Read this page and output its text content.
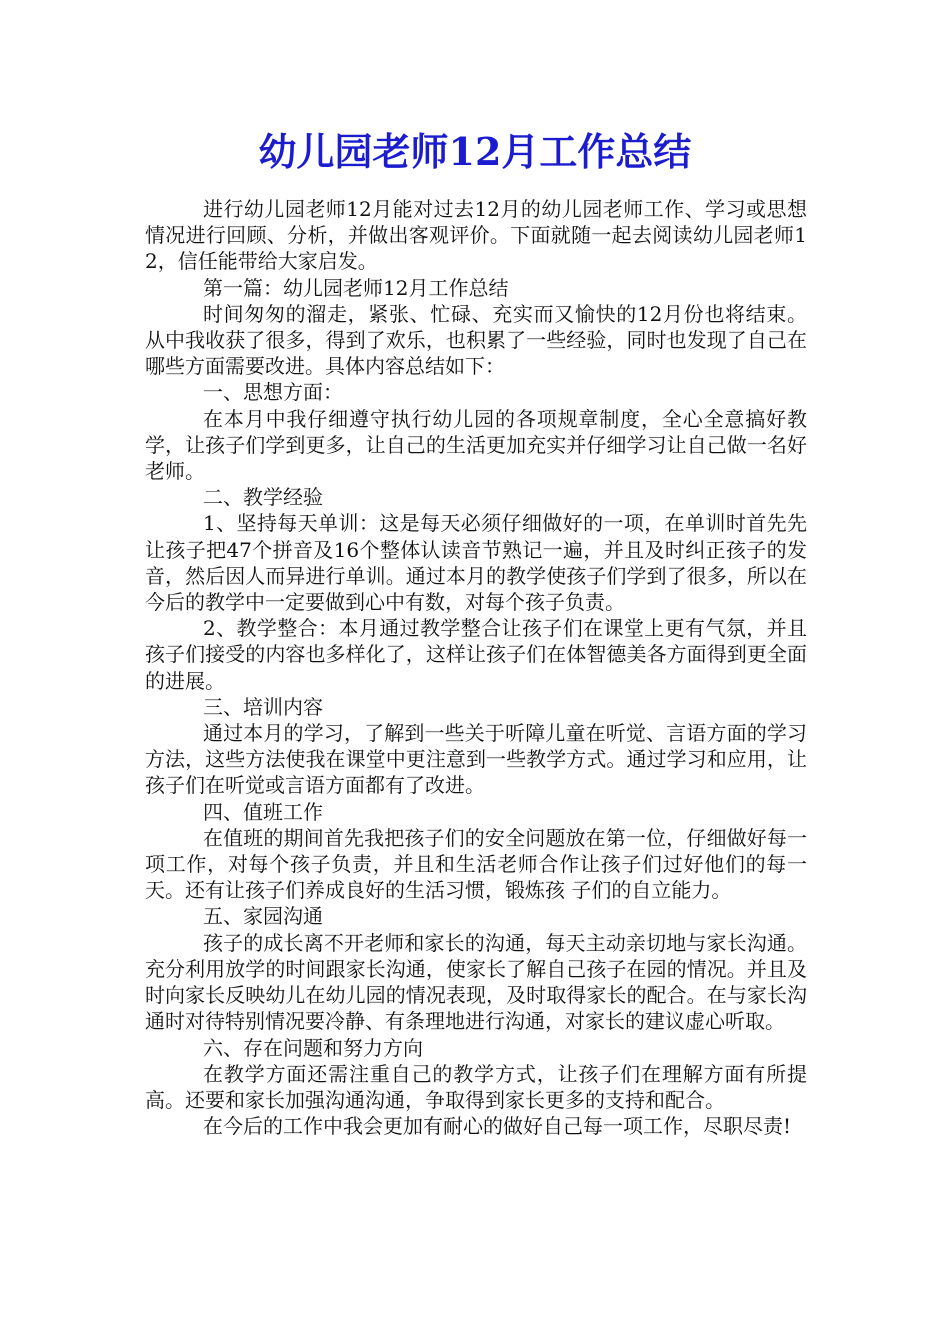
幼儿园老师12月工作总结

进行幼儿园老师12月能对过去12月的幼儿园老师工作、学习或思想情况进行回顾、分析，并做出客观评价。下面就随一起去阅读幼儿园老师12，信任能带给大家启发。

第一篇：幼儿园老师12月工作总结

时间匆匆的溜走，紧张、忙碌、充实而又愉快的12月份也将结束。从中我收获了很多，得到了欢乐，也积累了一些经验，同时也发现了自己在哪些方面需要改进。具体内容总结如下：

一、思想方面：

在本月中我仔细遵守执行幼儿园的各项规章制度，全心全意搞好教学，让孩子们学到更多，让自己的生活更加充实并仔细学习让自己做一名好老师。

二、教学经验

1、坚持每天单训：这是每天必须仔细做好的一项，在单训时首先先让孩子把47个拼音及16个整体认读音节熟记一遍，并且及时纠正孩子的发音，然后因人而异进行单训。通过本月的教学使孩子们学到了很多，所以在今后的教学中一定要做到心中有数，对每个孩子负责。

2、教学整合：本月通过教学整合让孩子们在课堂上更有气氛，并且孩子们接受的内容也多样化了，这样让孩子们在体智德美各方面得到更全面的进展。

三、培训内容

通过本月的学习，了解到一些关于听障儿童在听觉、言语方面的学习方法，这些方法使我在课堂中更注意到一些教学方式。通过学习和应用，让孩子们在听觉或言语方面都有了改进。

四、值班工作

在值班的期间首先我把孩子们的安全问题放在第一位，仔细做好每一项工作，对每个孩子负责，并且和生活老师合作让孩子们过好他们的每一天。还有让孩子们养成良好的生活习惯，锻炼孩 子们的自立能力。

五、家园沟通

孩子的成长离不开老师和家长的沟通，每天主动亲切地与家长沟通。充分利用放学的时间跟家长沟通，使家长了解自己孩子在园的情况。并且及时向家长反映幼儿在幼儿园的情况表现，及时取得家长的配合。在与家长沟通时对待特别情况要冷静、有条理地进行沟通，对家长的建议虚心听取。

六、存在问题和努力方向

在教学方面还需注重自己的教学方式，让孩子们在理解方面有所提高。还要和家长加强沟通沟通，争取得到家长更多的支持和配合。

在今后的工作中我会更加有耐心的做好自己每一项工作，尽职尽责!
